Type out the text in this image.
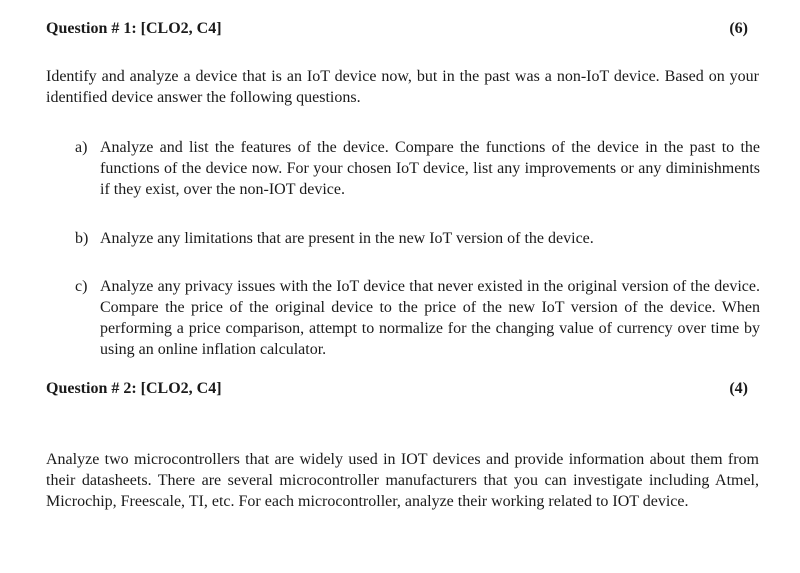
Question # 1: [CLO2, C4]	(6)
Identify and analyze a device that is an IoT device now, but in the past was a non-IoT device. Based on your identified device answer the following questions.
a) Analyze and list the features of the device. Compare the functions of the device in the past to the functions of the device now. For your chosen IoT device, list any improvements or any diminishments if they exist, over the non-IOT device.
b) Analyze any limitations that are present in the new IoT version of the device.
c) Analyze any privacy issues with the IoT device that never existed in the original version of the device. Compare the price of the original device to the price of the new IoT version of the device. When performing a price comparison, attempt to normalize for the changing value of currency over time by using an online inflation calculator.
Question # 2: [CLO2, C4]	(4)
Analyze two microcontrollers that are widely used in IOT devices and provide information about them from their datasheets. There are several microcontroller manufacturers that you can investigate including Atmel, Microchip, Freescale, TI, etc. For each microcontroller, analyze their working related to IOT device.
